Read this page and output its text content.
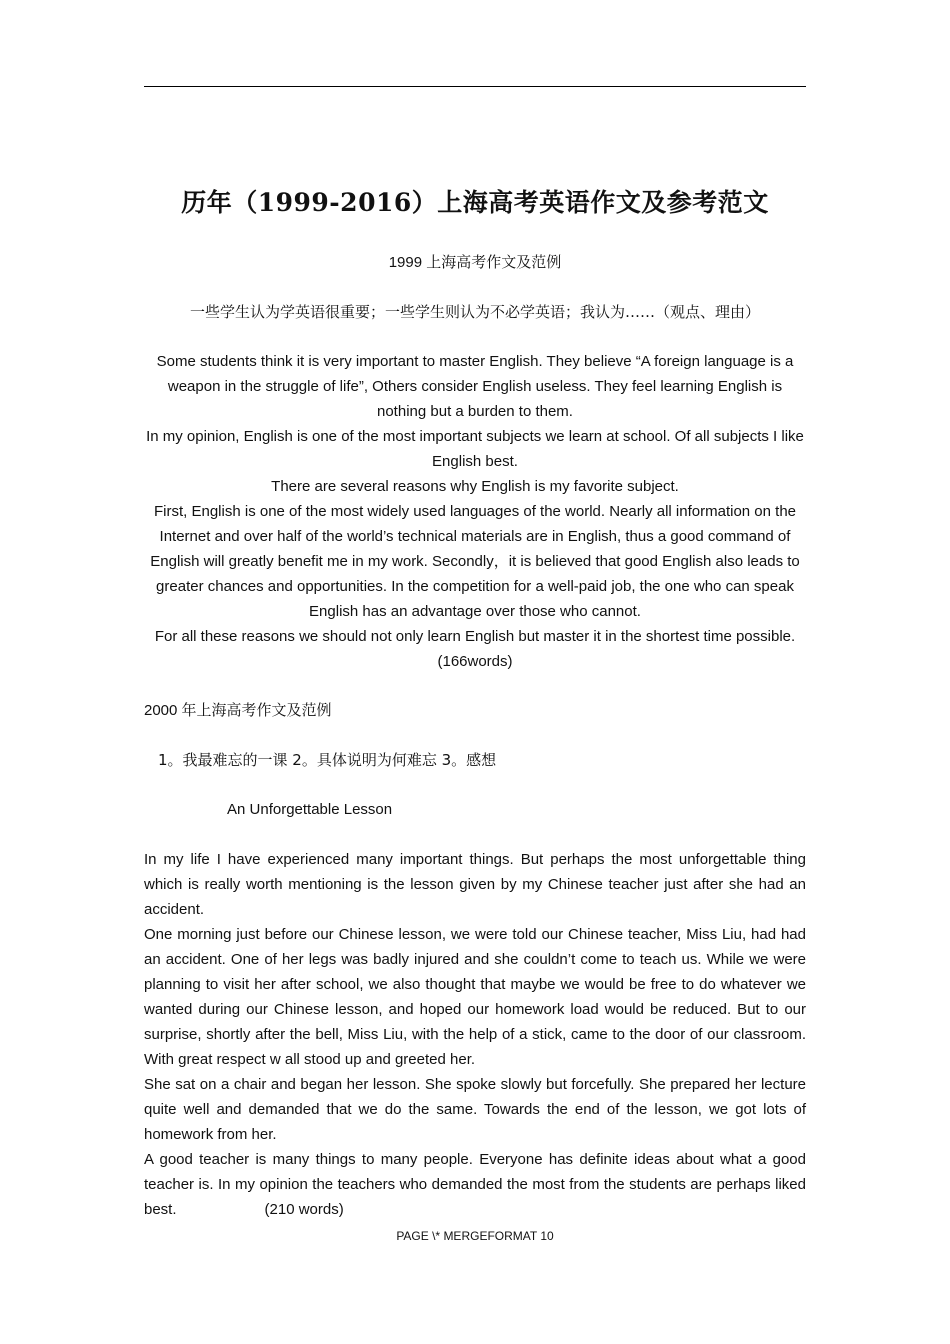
历年（1999-2016）上海高考英语作文及参考范文
1999 上海高考作文及范例
一些学生认为学英语很重要；一些学生则认为不必学英语；我认为……（观点、理由）

Some students think it is very important to master English. They believe “A foreign language is a weapon in the struggle of life”, Others consider English useless. They feel learning English is nothing but a burden to them.

In my opinion, English is one of the most important subjects we learn at school. Of all subjects I like English best.

There are several reasons why English is my favorite subject.

First, English is one of the most widely used languages of the world. Nearly all information on the Internet and over half of the world’s technical materials are in English, thus a good command of English will greatly benefit me in my work. Secondly，it is believed that good English also leads to greater chances and opportunities. In the competition for a well-paid job, the one who can speak English has an advantage over those who cannot.

For all these reasons we should not only learn English but master it in the shortest time possible.

(166words)

2000 年上海高考作文及范例
1。我最难忘的一课 2。具体说明为何难忘 3。感想
An Unforgettable Lesson

In my life I have experienced many important things. But perhaps the most unforgettable thing which is really worth mentioning is the lesson given by my Chinese teacher just after she had an accident.

One morning just before our Chinese lesson, we were told our Chinese teacher, Miss Liu, had had an accident. One of her legs was badly injured and she couldn’t come to teach us. While we were planning to visit her after school, we also thought that maybe we would be free to do whatever we wanted during our Chinese lesson, and hoped our homework load would be reduced. But to our surprise, shortly after the bell, Miss Liu, with the help of a stick, came to the door of our classroom. With great respect w all stood up and greeted her.

She sat on a chair and began her lesson. She spoke slowly but forcefully. She prepared her lecture quite well and demanded that we do the same. Towards the end of the lesson, we got lots of homework from her.

A good teacher is many things to many people. Everyone has definite ideas about what a good teacher is. In my opinion the teachers who demanded the most from the students are perhaps liked best.	(210 words)

PAGE \* MERGEFORMAT 10
